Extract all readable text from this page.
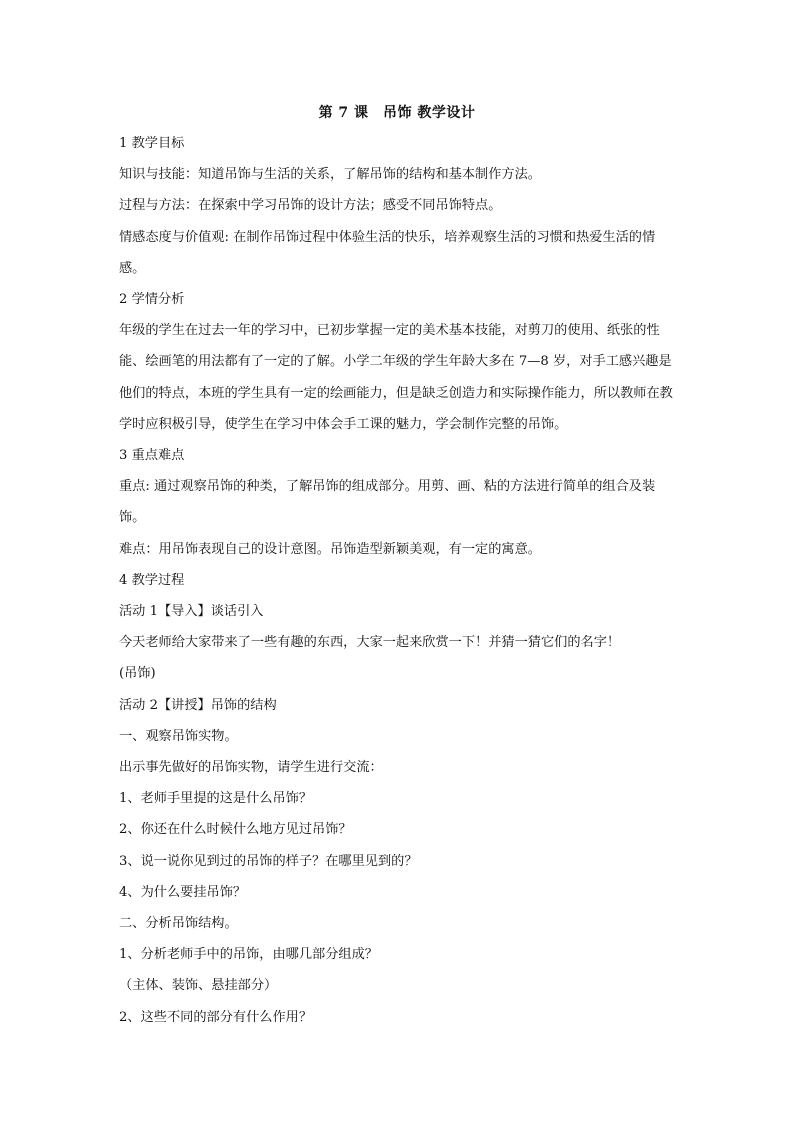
第 7 课　吊饰 教学设计

1 教学目标

知识与技能：知道吊饰与生活的关系，了解吊饰的结构和基本制作方法。

过程与方法：在探索中学习吊饰的设计方法；感受不同吊饰特点。

情感态度与价值观: 在制作吊饰过程中体验生活的快乐，培养观察生活的习惯和热爱生活的情感。

2 学情分析

年级的学生在过去一年的学习中，已初步掌握一定的美术基本技能，对剪刀的使用、纸张的性能、绘画笔的用法都有了一定的了解。小学二年级的学生年龄大多在 7—8 岁，对手工感兴趣是他们的特点，本班的学生具有一定的绘画能力，但是缺乏创造力和实际操作能力，所以教师在教学时应积极引导，使学生在学习中体会手工课的魅力，学会制作完整的吊饰。

3 重点难点

重点: 通过观察吊饰的种类，了解吊饰的组成部分。用剪、画、粘的方法进行简单的组合及装饰。

难点：用吊饰表现自己的设计意图。吊饰造型新颖美观，有一定的寓意。

4 教学过程

活动 1【导入】谈话引入

今天老师给大家带来了一些有趣的东西，大家一起来欣赏一下！并猜一猜它们的名字！

(吊饰)

活动 2【讲授】吊饰的结构

一、观察吊饰实物。

出示事先做好的吊饰实物，请学生进行交流：

1、老师手里提的这是什么吊饰？

2、你还在什么时候什么地方见过吊饰？

3、说一说你见到过的吊饰的样子？在哪里见到的？

4、为什么要挂吊饰？

二、分析吊饰结构。

1、分析老师手中的吊饰，由哪几部分组成？

（主体、装饰、悬挂部分）

2、这些不同的部分有什么作用？
